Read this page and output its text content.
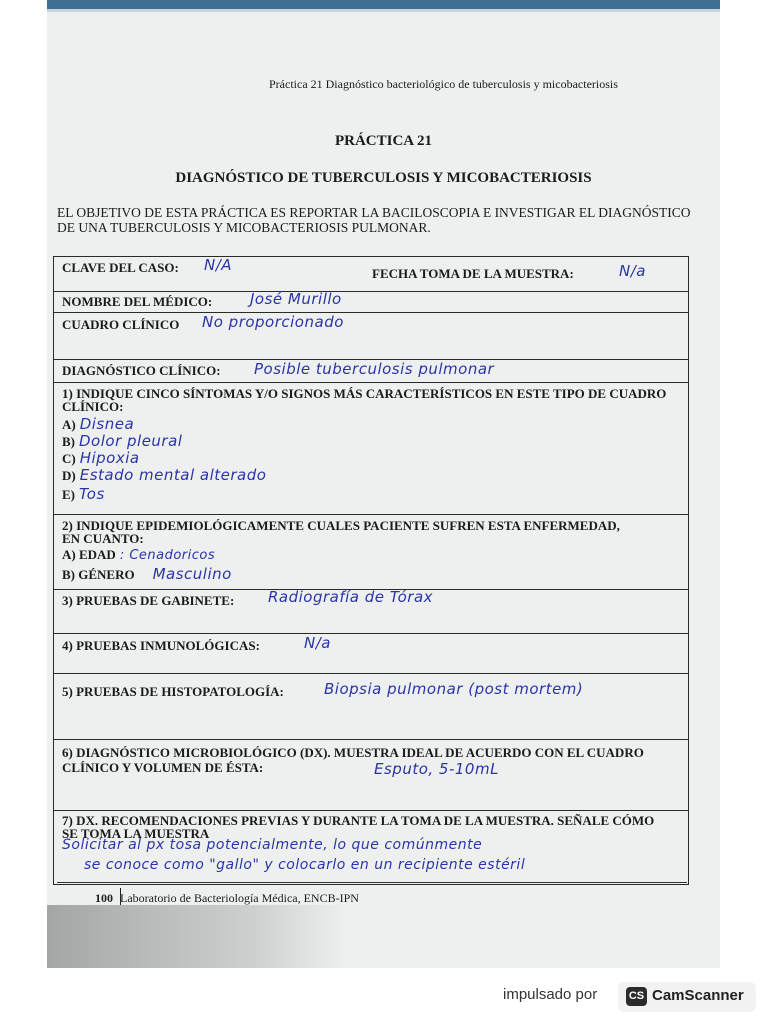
Práctica 21 Diagnóstico bacteriológico de tuberculosis y micobacteriosis
PRÁCTICA 21
DIAGNÓSTICO DE TUBERCULOSIS Y MICOBACTERIOSIS
EL OBJETIVO DE ESTA PRÁCTICA ES REPORTAR LA BACILOSCOPIA E INVESTIGAR EL DIAGNÓSTICO DE UNA TUBERCULOSIS Y MICOBACTERIOSIS PULMONAR.
CLAVE DEL CASO: N/A	FECHA TOMA DE LA MUESTRA:	N/a

NOMBRE DEL MÉDICO:	José Murillo

CUADRO CLÍNICO No proporcionado

DIAGNÓSTICO CLÍNICO: Posible tuberculosis pulmonar

1) INDIQUE CINCO SÍNTOMAS Y/O SIGNOS MÁS CARACTERÍSTICOS EN ESTE TIPO DE CUADRO CLÍNICO:
A) Disnea
B) Dolor pleural
C) Hipoxia
D) Estado mental alterado
E) Tos

2) INDIQUE EPIDEMIOLÓGICAMENTE CUALES PACIENTE SUFREN ESTA ENFERMEDAD, EN CUANTO:
A) EDAD : Cenadoricos
B) GÉNERO Masculino

3) PRUEBAS DE GABINETE: Radiografía de Tórax

4) PRUEBAS INMUNOLÓGICAS:	N/a

5) PRUEBAS DE HISTOPATOLOGÍA:	Biopsia pulmonar (post mortem)

6) DIAGNÓSTICO MICROBIOLÓGICO (DX). MUESTRA IDEAL DE ACUERDO CON EL CUADRO CLÍNICO Y VOLUMEN DE ÉSTA:	Esputo, 5-10mL

7) DX. RECOMENDACIONES PREVIAS Y DURANTE LA TOMA DE LA MUESTRA. SEÑALE CÓMO SE TOMA LA MUESTRA
Solicitar al px tosa potencialmente, lo que comúnmente
se conoce como "gallo" y colocarlo en un recipiente estéril
100 Laboratorio de Bacteriología Médica, ENCB-IPN
impulsado por	CS CamScanner
